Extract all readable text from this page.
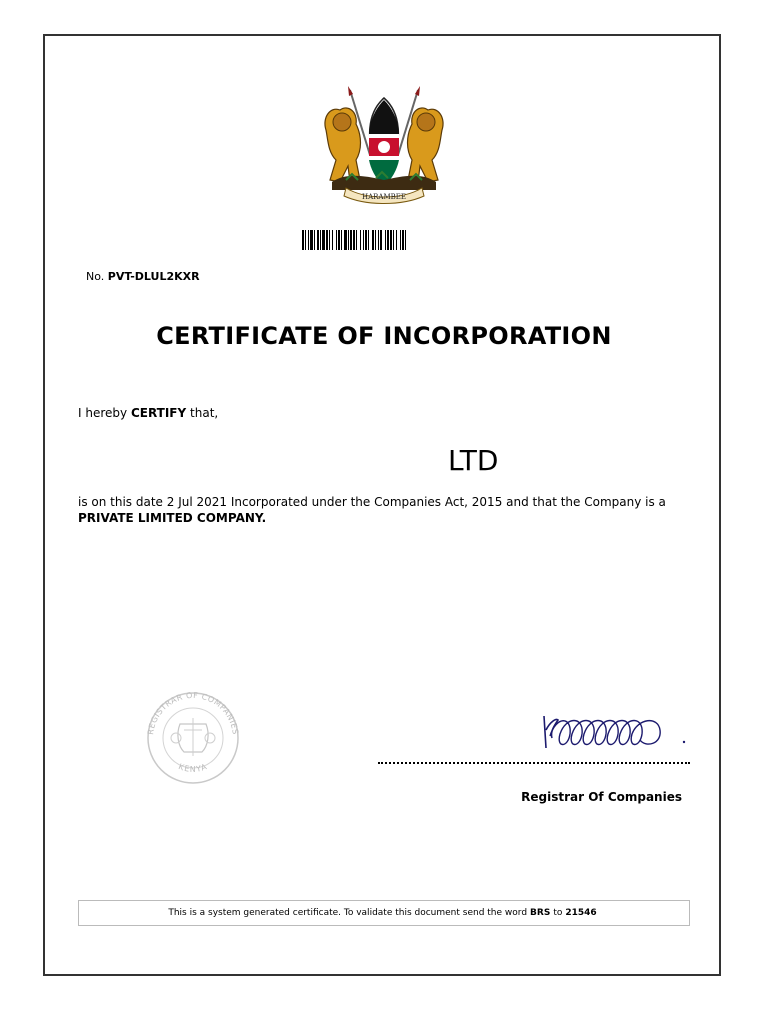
HARAMBEE
No. PVT-DLUL2KXR
CERTIFICATE OF INCORPORATION
I hereby CERTIFY that,
LTD
is on this date 2 Jul 2021 Incorporated under the Companies Act, 2015 and that the Company is a
PRIVATE LIMITED COMPANY.
REGISTRAR OF COMPANIES
KENYA
Registrar Of Companies
This is a system generated certificate. To validate this document send the word BRS to 21546
